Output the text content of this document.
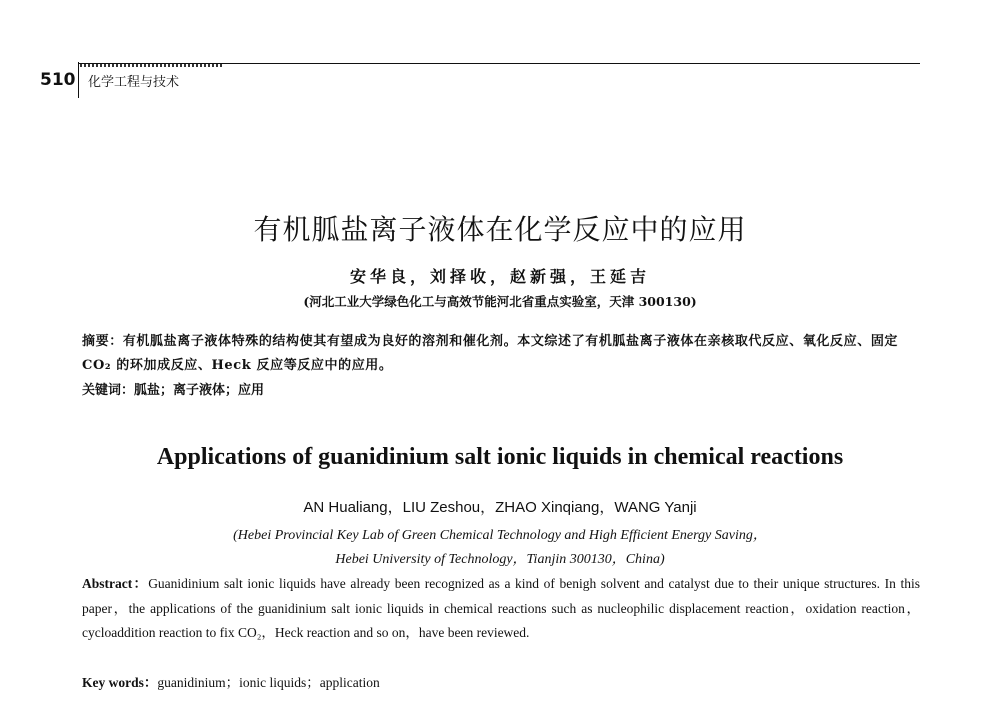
510 化学工程与技术
有机胍盐离子液体在化学反应中的应用
安华良，刘择收，赵新强，王延吉
(河北工业大学绿色化工与高效节能河北省重点实验室，天津 300130)
摘要：有机胍盐离子液体特殊的结构使其有望成为良好的溶剂和催化剂。本文综述了有机胍盐离子液体在亲核取代反应、氧化反应、固定 CO₂ 的环加成反应、Heck 反应等反应中的应用。
关键词：胍盐；离子液体；应用
Applications of guanidinium salt ionic liquids in chemical reactions
AN Hualiang，LIU Zeshou，ZHAO Xinqiang，WANG Yanji
(Hebei Provincial Key Lab of Green Chemical Technology and High Efficient Energy Saving，
Hebei University of Technology，Tianjin 300130，China)
Abstract：Guanidinium salt ionic liquids have already been recognized as a kind of benigh solvent and catalyst due to their unique structures. In this paper，the applications of the guanidinium salt ionic liquids in chemical reactions such as nucleophilic displacement reaction，oxidation reaction，cycloaddition reaction to fix CO₂，Heck reaction and so on，have been reviewed.
Key words：guanidinium；ionic liquids；application
